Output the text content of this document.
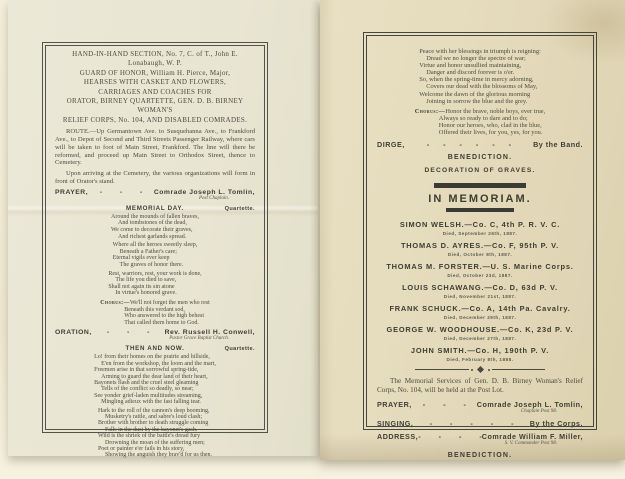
HAND-IN-HAND SECTION, No. 7, C. of T., John E. Lonabaugh, W. P.
GUARD OF HONOR, William H. Pierce, Major,
HEARSES WITH CASKET AND FLOWERS,
CARRIAGES AND COACHES FOR
ORATOR, BIRNEY QUARTETTE, GEN. D. B. BIRNEY WOMAN'S
RELIEF CORPS, No. 104, AND DISABLED COMRADES.

ROUTE.—Up Germantown Ave. to Susquehanna Ave., to Frankford Ave., to Depot of Second and Third Streets Passenger Railway, where cars will be taken to foot of Main Street, Frankford. The line will there be reformed, and proceed up Main Street to Orthodox Street, thence to Cemetery.

Upon arriving at the Cemetery, the various organizations will form in front of Orator's stand.

PRAYER,	- - -	Comrade Joseph L. Tomlin,
Post Chaplain.
MEMORIAL DAY.	Quartette.
Around the mounds of fallen braves,
And tombstones of the dead,
We come to decorate their graves,
And richest garlands spread.
Where all the heroes sweetly sleep,
Beneath a Father's care;
Eternal vigils ever keep
The graves of honor there.
Rest, warriors, rest, your work is done,
The life you died to save,
Shall not again its sin atone
In virtue's honored grave.
Chorus:—We'll not forget the men who rest
Beneath this verdant sod,
Who answered to the high behest
That called them home to God.
ORATION,	- - -	Rev. Russell H. Conwell,
Pastor Grace Baptist Church.
THEN AND NOW.	Quartette.
Lo! from their homes on the prairie and hillside,
E'en from the workshop, the loom and the mart,
Freemen arise in that sorrowful spring-tide,
Arming to guard the dear land of their heart,
Bayonets flash and the cruel steel gleaming
Tells of the conflict so deadly, so near;
See yonder grief-laden multitudes streaming,
Mingling adieux with the fast falling tear.
Hark to the roll of the cannon's deep booming,
Musketry's rattle, and sabre's loud clash;
Brother with brother to death struggle coming
Falls in the dust by the bayonet's gash.
Wild is the shriek of the battle's dread fury
Drowning the moan of the suffering men;
Poet or painter e'er fails in his story,
Showing the anguish they brav'd for us then.
Peace with her blessings in triumph is reigning:
Dread we no longer the spectre of war;
Virtue and honor unsullied maintaining,
Danger and discord forever is o'er.
So, when the spring-time in mercy adorning,
Covers our dead with the blossoms of May,
Welcome the dawn of the glorious morning
Joining in sorrow the blue and the grey.
Chorus:—Honor the brave, noble boys, ever true,
Always so ready to dare and to do;
Honor our heroes, who, clad in the blue,
Offered their lives, for you, yes, for you.
DIRGE,	- - - - - -	By the Band.
BENEDICTION.
DECORATION OF GRAVES.
IN MEMORIAM.
SIMON WELSH.—Co. C, 4th P. R. V. C.
Died, September 26th, 1887.
THOMAS D. AYRES.—Co. F, 95th P. V.
Died, October 8th, 1887.
THOMAS M. FORSTER.—U. S. Marine Corps.
Died, October 23d, 1887.
LOUIS SCHAWANG.—Co. D, 63d P. V.
Died, November 21st, 1887.
FRANK SCHUCK.—Co. A, 14th Pa. Cavalry.
Died, December 29th, 1887.
GEORGE W. WOODHOUSE.—Co. K, 23d P. V.
Died, December 27th, 1887.
JOHN SMITH.—Co. H, 190th P. V.
Died, February 8th, 1888.

The Memorial Services of Gen. D. B. Birney Woman's Relief Corps, No. 104, will be held at the Post Lot.

PRAYER,	- - -	Comrade Joseph L. Tomlin,
Chaplain Post 98.
SINGING,	- - - - -	By the Corps.
ADDRESS, - - - - Comrade William F. Miller,
S. V. Commander Post 98.
BENEDICTION.
